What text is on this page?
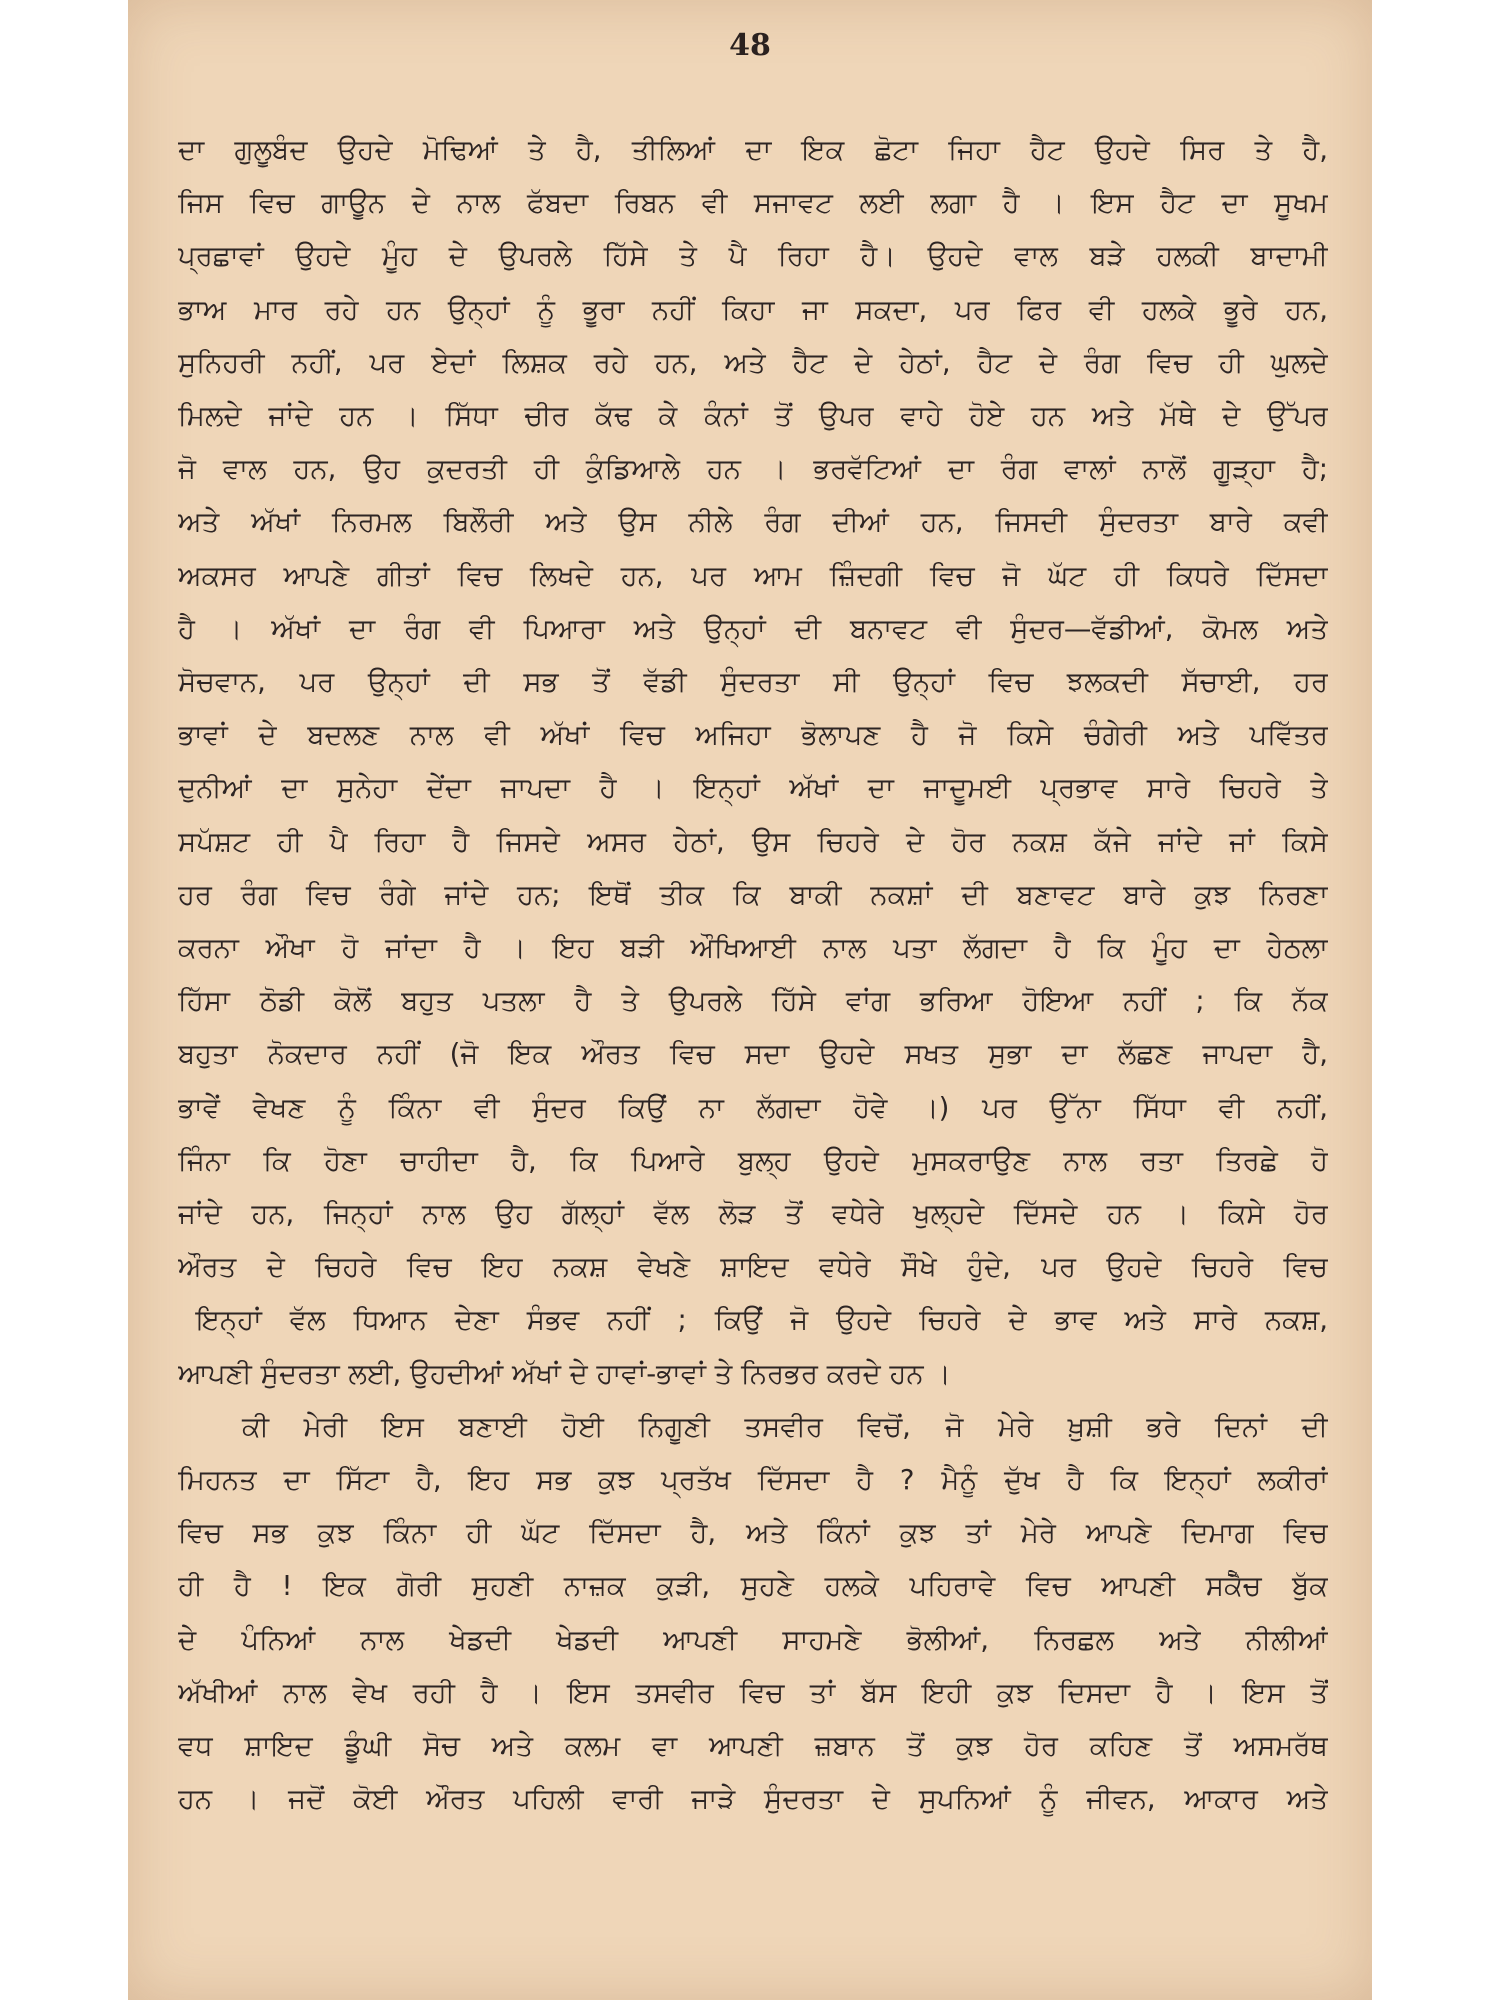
48
ਦਾ ਗੁਲੂਬੰਦ ਉਹਦੇ ਮੋਢਿਆਂ ਤੇ ਹੈ, ਤੀਲਿਆਂ ਦਾ ਇਕ ਛੋਟਾ ਜਿਹਾ ਹੈਟ ਉਹਦੇ ਸਿਰ ਤੇ ਹੈ,
ਜਿਸ ਵਿਚ ਗਾਊਨ ਦੇ ਨਾਲ ਫੱਬਦਾ ਰਿਬਨ ਵੀ ਸਜਾਵਟ ਲਈ ਲਗਾ ਹੈ । ਇਸ ਹੈਟ ਦਾ ਸੂਖਮ
ਪ੍ਰਛਾਵਾਂ ਉਹਦੇ ਮੂੰਹ ਦੇ ਉਪਰਲੇ ਹਿੱਸੇ ਤੇ ਪੈ ਰਿਹਾ ਹੈ। ਉਹਦੇ ਵਾਲ ਬੜੇ ਹਲਕੀ ਬਾਦਾਮੀ
ਭਾਅ ਮਾਰ ਰਹੇ ਹਨ ਉਨ੍ਹਾਂ ਨੂੰ ਭੂਰਾ ਨਹੀਂ ਕਿਹਾ ਜਾ ਸਕਦਾ, ਪਰ ਫਿਰ ਵੀ ਹਲਕੇ ਭੂਰੇ ਹਨ,
ਸੁਨਿਹਰੀ ਨਹੀਂ, ਪਰ ਏਦਾਂ ਲਿਸ਼ਕ ਰਹੇ ਹਨ, ਅਤੇ ਹੈਟ ਦੇ ਹੇਠਾਂ, ਹੈਟ ਦੇ ਰੰਗ ਵਿਚ ਹੀ ਘੁਲਦੇ
ਮਿਲਦੇ ਜਾਂਦੇ ਹਨ । ਸਿੱਧਾ ਚੀਰ ਕੱਢ ਕੇ ਕੰਨਾਂ ਤੋਂ ਉਪਰ ਵਾਹੇ ਹੋਏ ਹਨ ਅਤੇ ਮੱਥੇ ਦੇ ਉੱਪਰ
ਜੋ ਵਾਲ ਹਨ, ਉਹ ਕੁਦਰਤੀ ਹੀ ਕੁੰਡਿਆਲੇ ਹਨ । ਭਰਵੱਟਿਆਂ ਦਾ ਰੰਗ ਵਾਲਾਂ ਨਾਲੋਂ ਗੂੜ੍ਹਾ ਹੈ;
ਅਤੇ ਅੱਖਾਂ ਨਿਰਮਲ ਬਿਲੌਰੀ ਅਤੇ ਉਸ ਨੀਲੇ ਰੰਗ ਦੀਆਂ ਹਨ, ਜਿਸਦੀ ਸੁੰਦਰਤਾ ਬਾਰੇ ਕਵੀ
ਅਕਸਰ ਆਪਣੇ ਗੀਤਾਂ ਵਿਚ ਲਿਖਦੇ ਹਨ, ਪਰ ਆਮ ਜ਼ਿੰਦਗੀ ਵਿਚ ਜੋ ਘੱਟ ਹੀ ਕਿਧਰੇ ਦਿੱਸਦਾ
ਹੈ । ਅੱਖਾਂ ਦਾ ਰੰਗ ਵੀ ਪਿਆਰਾ ਅਤੇ ਉਨ੍ਹਾਂ ਦੀ ਬਨਾਵਟ ਵੀ ਸੁੰਦਰ—ਵੱਡੀਆਂ, ਕੋਮਲ ਅਤੇ
ਸੋਚਵਾਨ, ਪਰ ਉਨ੍ਹਾਂ ਦੀ ਸਭ ਤੋਂ ਵੱਡੀ ਸੁੰਦਰਤਾ ਸੀ ਉਨ੍ਹਾਂ ਵਿਚ ਝਲਕਦੀ ਸੱਚਾਈ, ਹਰ
ਭਾਵਾਂ ਦੇ ਬਦਲਣ ਨਾਲ ਵੀ ਅੱਖਾਂ ਵਿਚ ਅਜਿਹਾ ਭੋਲਾਪਣ ਹੈ ਜੋ ਕਿਸੇ ਚੰਗੇਰੀ ਅਤੇ ਪਵਿੱਤਰ
ਦੁਨੀਆਂ ਦਾ ਸੁਨੇਹਾ ਦੇਂਦਾ ਜਾਪਦਾ ਹੈ । ਇਨ੍ਹਾਂ ਅੱਖਾਂ ਦਾ ਜਾਦੂਮਈ ਪ੍ਰਭਾਵ ਸਾਰੇ ਚਿਹਰੇ ਤੇ
ਸਪੱਸ਼ਟ ਹੀ ਪੈ ਰਿਹਾ ਹੈ ਜਿਸਦੇ ਅਸਰ ਹੇਠਾਂ, ਉਸ ਚਿਹਰੇ ਦੇ ਹੋਰ ਨਕਸ਼ ਕੱਜੇ ਜਾਂਦੇ ਜਾਂ ਕਿਸੇ
ਹਰ ਰੰਗ ਵਿਚ ਰੰਗੇ ਜਾਂਦੇ ਹਨ; ਇਥੋਂ ਤੀਕ ਕਿ ਬਾਕੀ ਨਕਸ਼ਾਂ ਦੀ ਬਣਾਵਟ ਬਾਰੇ ਕੁਝ ਨਿਰਣਾ
ਕਰਨਾ ਔਖਾ ਹੋ ਜਾਂਦਾ ਹੈ । ਇਹ ਬੜੀ ਔਖਿਆਈ ਨਾਲ ਪਤਾ ਲੱਗਦਾ ਹੈ ਕਿ ਮੂੰਹ ਦਾ ਹੇਠਲਾ
ਹਿੱਸਾ ਠੋਡੀ ਕੋਲੋਂ ਬਹੁਤ ਪਤਲਾ ਹੈ ਤੇ ਉਪਰਲੇ ਹਿੱਸੇ ਵਾਂਗ ਭਰਿਆ ਹੋਇਆ ਨਹੀਂ ; ਕਿ ਨੱਕ
ਬਹੁਤਾ ਨੋਕਦਾਰ ਨਹੀਂ (ਜੋ ਇਕ ਔਰਤ ਵਿਚ ਸਦਾ ਉਹਦੇ ਸਖਤ ਸੁਭਾ ਦਾ ਲੱਛਣ ਜਾਪਦਾ ਹੈ,
ਭਾਵੇਂ ਵੇਖਣ ਨੂੰ ਕਿੰਨਾ ਵੀ ਸੁੰਦਰ ਕਿਉਂ ਨਾ ਲੱਗਦਾ ਹੋਵੇ ।) ਪਰ ਉੱਨਾ ਸਿੱਧਾ ਵੀ ਨਹੀਂ,
ਜਿੰਨਾ ਕਿ ਹੋਣਾ ਚਾਹੀਦਾ ਹੈ, ਕਿ ਪਿਆਰੇ ਬੁਲ੍ਹ ਉਹਦੇ ਮੁਸਕਰਾਉਣ ਨਾਲ ਰਤਾ ਤਿਰਛੇ ਹੋ
ਜਾਂਦੇ ਹਨ, ਜਿਨ੍ਹਾਂ ਨਾਲ ਉਹ ਗੱਲ੍ਹਾਂ ਵੱਲ ਲੋੜ ਤੋਂ ਵਧੇਰੇ ਖੁਲ੍ਹਦੇ ਦਿੱਸਦੇ ਹਨ । ਕਿਸੇ ਹੋਰ
ਔਰਤ ਦੇ ਚਿਹਰੇ ਵਿਚ ਇਹ ਨਕਸ਼ ਵੇਖਣੇ ਸ਼ਾਇਦ ਵਧੇਰੇ ਸੌਖੇ ਹੁੰਦੇ, ਪਰ ਉਹਦੇ ਚਿਹਰੇ ਵਿਚ
ਇਨ੍ਹਾਂ ਵੱਲ ਧਿਆਨ ਦੇਣਾ ਸੰਭਵ ਨਹੀਂ ; ਕਿਉਂ ਜੋ ਉਹਦੇ ਚਿਹਰੇ ਦੇ ਭਾਵ ਅਤੇ ਸਾਰੇ ਨਕਸ਼,
ਆਪਣੀ ਸੁੰਦਰਤਾ ਲਈ, ਉਹਦੀਆਂ ਅੱਖਾਂ ਦੇ ਹਾਵਾਂ-ਭਾਵਾਂ ਤੇ ਨਿਰਭਰ ਕਰਦੇ ਹਨ ।
ਕੀ ਮੇਰੀ ਇਸ ਬਣਾਈ ਹੋਈ ਨਿਗੂਣੀ ਤਸਵੀਰ ਵਿਚੋਂ, ਜੋ ਮੇਰੇ ਖ਼ੁਸ਼ੀ ਭਰੇ ਦਿਨਾਂ ਦੀ
ਮਿਹਨਤ ਦਾ ਸਿੱਟਾ ਹੈ, ਇਹ ਸਭ ਕੁਝ ਪ੍ਰਤੱਖ ਦਿੱਸਦਾ ਹੈ ? ਮੈਨੂੰ ਦੁੱਖ ਹੈ ਕਿ ਇਨ੍ਹਾਂ ਲਕੀਰਾਂ
ਵਿਚ ਸਭ ਕੁਝ ਕਿੰਨਾ ਹੀ ਘੱਟ ਦਿੱਸਦਾ ਹੈ, ਅਤੇ ਕਿੰਨਾਂ ਕੁਝ ਤਾਂ ਮੇਰੇ ਆਪਣੇ ਦਿਮਾਗ ਵਿਚ
ਹੀ ਹੈ ! ਇਕ ਗੋਰੀ ਸੁਹਣੀ ਨਾਜ਼ਕ ਕੁੜੀ, ਸੁਹਣੇ ਹਲਕੇ ਪਹਿਰਾਵੇ ਵਿਚ ਆਪਣੀ ਸਕੈੱਚ ਬੁੱਕ
ਦੇ ਪੰਨਿਆਂ ਨਾਲ ਖੇਡਦੀ ਖੇਡਦੀ ਆਪਣੀ ਸਾਹਮਣੇ ਭੋਲੀਆਂ, ਨਿਰਛਲ ਅਤੇ ਨੀਲੀਆਂ
ਅੱਖੀਆਂ ਨਾਲ ਵੇਖ ਰਹੀ ਹੈ । ਇਸ ਤਸਵੀਰ ਵਿਚ ਤਾਂ ਬੱਸ ਇਹੀ ਕੁਝ ਦਿਸਦਾ ਹੈ । ਇਸ ਤੋਂ
ਵਧ ਸ਼ਾਇਦ ਡੂੰਘੀ ਸੋਚ ਅਤੇ ਕਲਮ ਵਾ ਆਪਣੀ ਜ਼ਬਾਨ ਤੋਂ ਕੁਝ ਹੋਰ ਕਹਿਣ ਤੋਂ ਅਸਮਰੱਥ
ਹਨ । ਜਦੋਂ ਕੋਈ ਔਰਤ ਪਹਿਲੀ ਵਾਰੀ ਜਾੜੇ ਸੁੰਦਰਤਾ ਦੇ ਸੁਪਨਿਆਂ ਨੂੰ ਜੀਵਨ, ਆਕਾਰ ਅਤੇ
